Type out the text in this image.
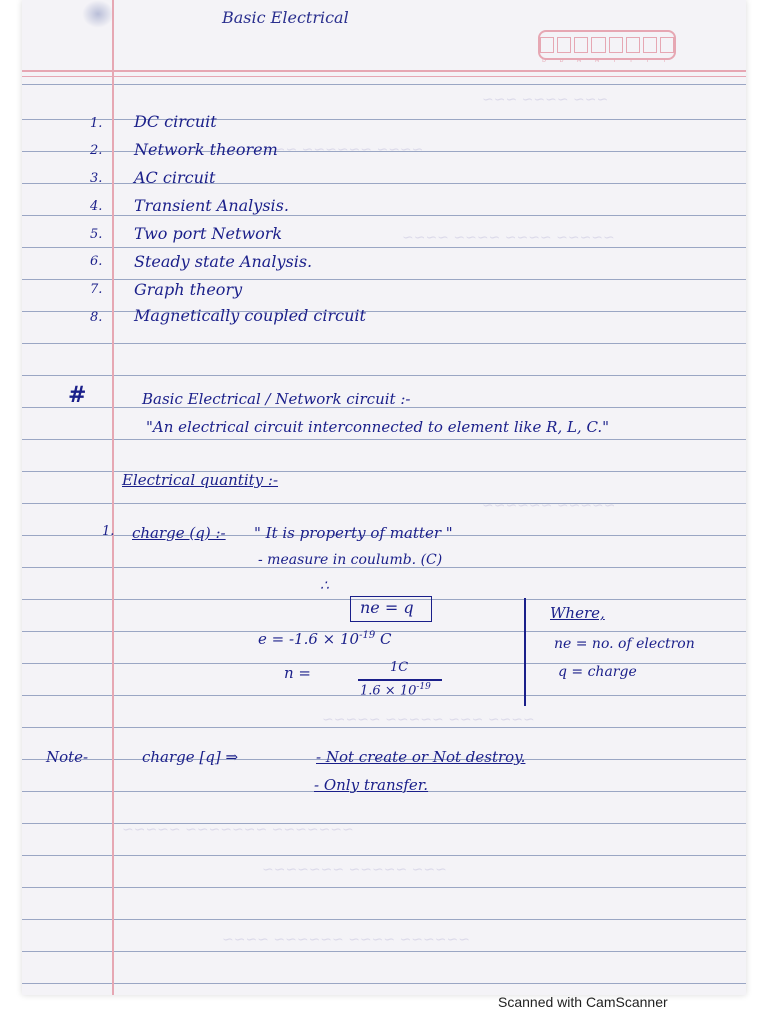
Basic Electrical
D D M M Y Y Y Y
~~~ ~~~~ ~~~
~~~~ ~~~~~~ ~~~
~~~~~ ~~~~ ~~~~ ~~~~
~~~~~ ~~~~~~
~~~~ ~~~ ~~~~~ ~~~~~
~~~~~~~ ~~~~~~~ ~~~~~
~~~ ~~~~~ ~~~~~~~
~~~~~~ ~~~~ ~~~~~~ ~~~~
1. DC circuit
2. Network theorem
3. AC circuit
4. Transient Analysis.
5. Two port Network
6. Steady state Analysis.
7. Graph theory
8. Magnetically coupled circuit
#	Basic Electrical / Network circuit :-
"An electrical circuit interconnected to element like R, L, C."
Electrical quantity :-
1. charge (q) :- " It is property of matter "
- measure in coulumb. (C)
∴
ne = q
$e = -1.6 \times 10^{-19}$ C
n =	1C
$1.6 \times 10^{-19}$
Where,
ne = no. of electron
q = charge
Note-	charge [q] ⇒	- Not create or Not destroy.
- Only transfer.
Scanned with CamScanner
